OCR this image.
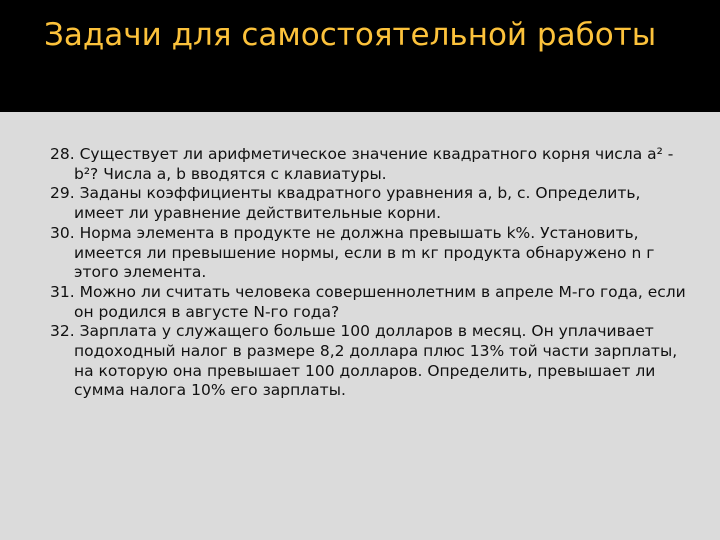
Задачи для самостоятельной работы
28. Существует ли арифметическое значение квадратного корня числа a² - b²? Числа a, b вводятся с клавиатуры.
29. Заданы коэффициенты квадратного уравнения a, b, c. Определить, имеет ли уравнение действительные корни.
30. Норма элемента в продукте не должна превышать k%. Установить, имеется ли превышение нормы, если в m кг продукта обнаружено n г этого элемента.
31. Можно ли считать человека совершеннолетним в апреле M-го года, если он родился в августе N-го года?
32. Зарплата у служащего больше 100 долларов в месяц. Он уплачивает подоходный налог в размере 8,2 доллара плюс 13% той части зарплаты, на которую она превышает 100 долларов. Определить, превышает ли сумма налога 10% его зарплаты.
